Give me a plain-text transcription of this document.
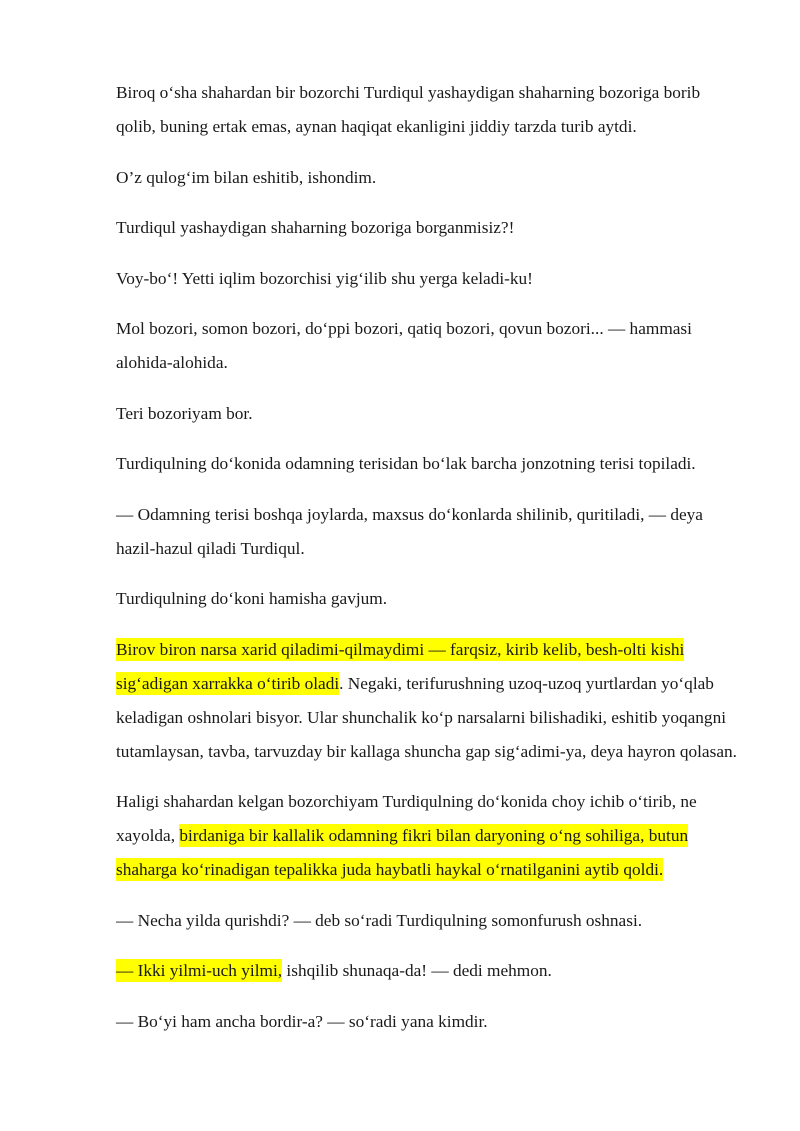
Biroq o‘sha shahardan bir bozorchi Turdiqul yashaydigan shaharning bozoriga borib qolib, buning ertak emas, aynan haqiqat ekanligini jiddiy tarzda turib aytdi.

O’z qulog‘im bilan eshitib, ishondim.

Turdiqul yashaydigan shaharning bozoriga borganmisiz?!

Voy-bo‘! Yetti iqlim bozorchisi yig‘ilib shu yerga keladi-ku!

Mol bozori, somon bozori, do‘ppi bozori, qatiq bozori, qovun bozori... — hammasi alohida-alohida.

Teri bozoriyam bor.

Turdiqulning do‘konida odamning terisidan bo‘lak barcha jonzotning terisi topiladi.

— Odamning terisi boshqa joylarda, maxsus do‘konlarda shilinib, quritiladi, — deya hazil-hazul qiladi Turdiqul.

Turdiqulning do‘koni hamisha gavjum.

Birov biron narsa xarid qiladimi-qilmaydimi — farqsiz, kirib kelib, besh-olti kishi sig‘adigan xarrakka o‘tirib oladi. Negaki, terifurushning uzoq-uzoq yurtlardan yo‘qlab keladigan oshnolari bisyor. Ular shunchalik ko‘p narsalarni bilishadiki, eshitib yoqangni tutamlaysan, tavba, tarvuzday bir kallaga shuncha gap sig‘adimi-ya, deya hayron qolasan.

Haligi shahardan kelgan bozorchiyam Turdiqulning do‘konida choy ichib o‘tirib, ne xayolda, birdaniga bir kallalik odamning fikri bilan daryoning o‘ng sohiliga, butun shaharga ko‘rinadigan tepalikka juda haybatli haykal o‘rnatilganini aytib qoldi.

— Necha yilda qurishdi? — deb so‘radi Turdiqulning somonfurush oshnasi.

— Ikki yilmi-uch yilmi, ishqilib shunaqa-da! — dedi mehmon.

— Bo‘yi ham ancha bordir-a? — so‘radi yana kimdir.
